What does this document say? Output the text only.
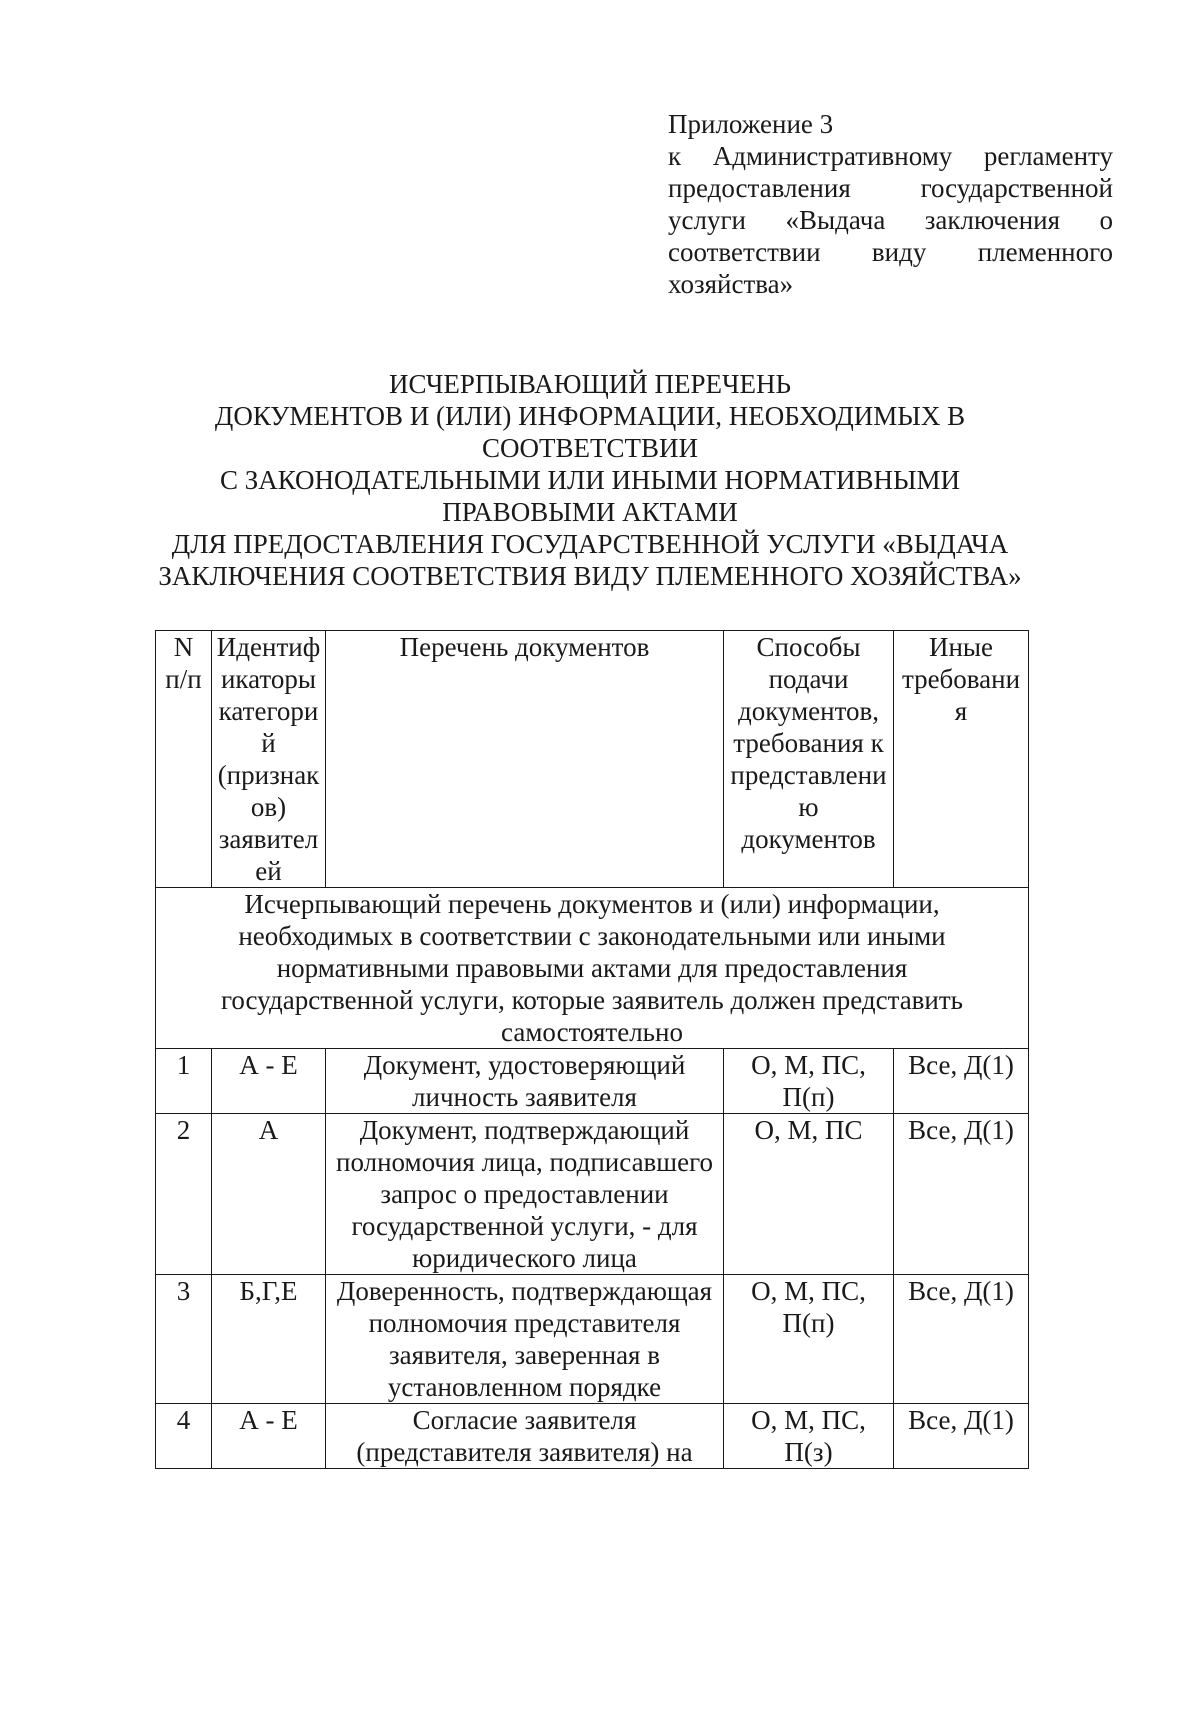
Приложение 3
к Административному регламенту предоставления государственной услуги «Выдача заключения о соответствии виду племенного хозяйства»
ИСЧЕРПЫВАЮЩИЙ ПЕРЕЧЕНЬ
ДОКУМЕНТОВ И (ИЛИ) ИНФОРМАЦИИ, НЕОБХОДИМЫХ В
СООТВЕТСТВИИ
С ЗАКОНОДАТЕЛЬНЫМИ ИЛИ ИНЫМИ НОРМАТИВНЫМИ
ПРАВОВЫМИ АКТАМИ
ДЛЯ ПРЕДОСТАВЛЕНИЯ ГОСУДАРСТВЕННОЙ УСЛУГИ «ВЫДАЧА
ЗАКЛЮЧЕНИЯ СООТВЕТСТВИЯ ВИДУ ПЛЕМЕННОГО ХОЗЯЙСТВА»
N п/п	Идентификаторы категорий (признаков) заявителей	Перечень документов	Способы подачи документов, требования к представлению документов	Иные требования
Исчерпывающий перечень документов и (или) информации, необходимых в соответствии с законодательными или иными нормативными правовыми актами для предоставления государственной услуги, которые заявитель должен представить самостоятельно				
1	А - Е	Документ, удостоверяющий личность заявителя	О, М, ПС, П(п)	Все, Д(1)
2	А	Документ, подтверждающий полномочия лица, подписавшего запрос о предоставлении государственной услуги, - для юридического лица	О, М, ПС	Все, Д(1)
3	Б,Г,Е	Доверенность, подтверждающая полномочия представителя заявителя, заверенная в установленном порядке	О, М, ПС, П(п)	Все, Д(1)
4	А - Е	Согласие заявителя (представителя заявителя) на	О, М, ПС, П(з)	Все, Д(1)
